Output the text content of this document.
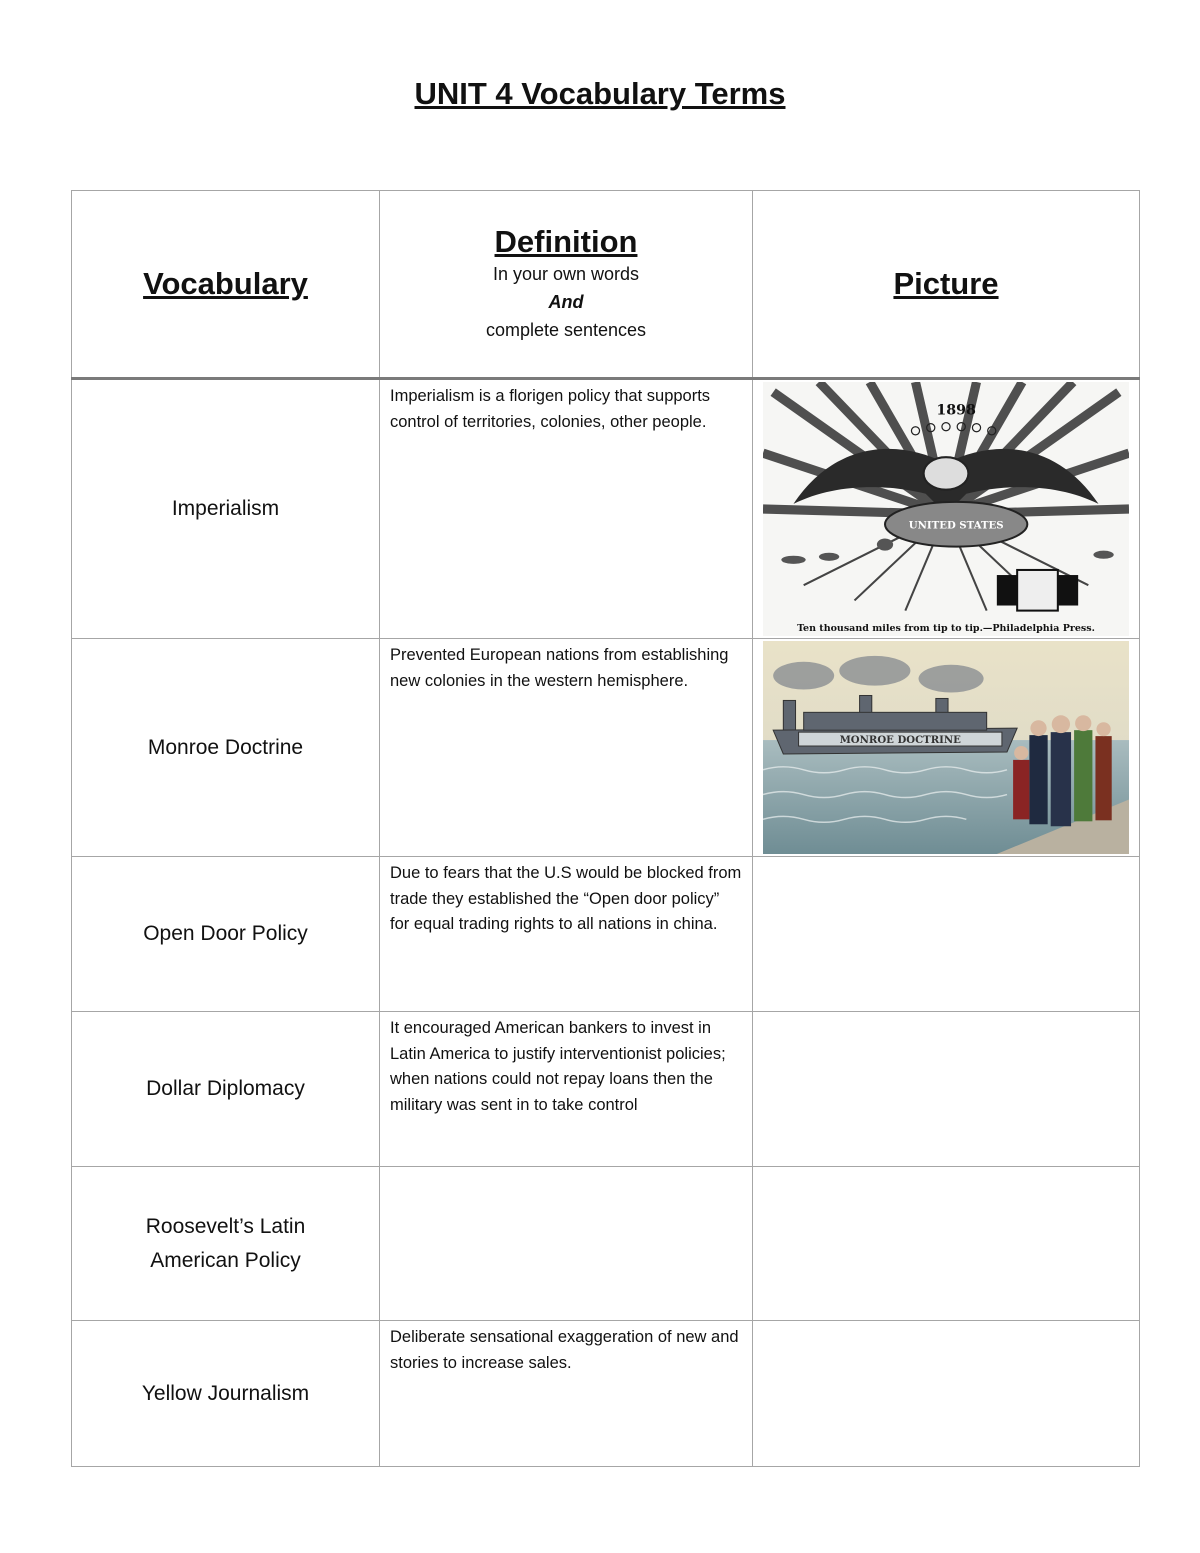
UNIT 4 Vocabulary Terms
Vocabulary	Definition
In your own words
And
complete sentences	Picture

Imperialism	Imperialism is a florigen policy that supports control of territories, colonies, other people.	UNITED STATES
1898
Ten thousand miles from tip to tip.—Philadelphia Press.

Monroe Doctrine	Prevented European nations from establishing new colonies in the western hemisphere.	MONROE DOCTRINE

Open Door Policy	Due to fears that the U.S would be blocked from trade they established the “Open door policy” for equal trading rights to all nations in china.	
Dollar Diplomacy	It encouraged American bankers to invest in Latin America to justify interventionist policies; when nations could not repay loans then the military was sent in to take control	
Roosevelt’s Latin American Policy		
Yellow Journalism	Deliberate sensational exaggeration of new and stories to increase sales.	
